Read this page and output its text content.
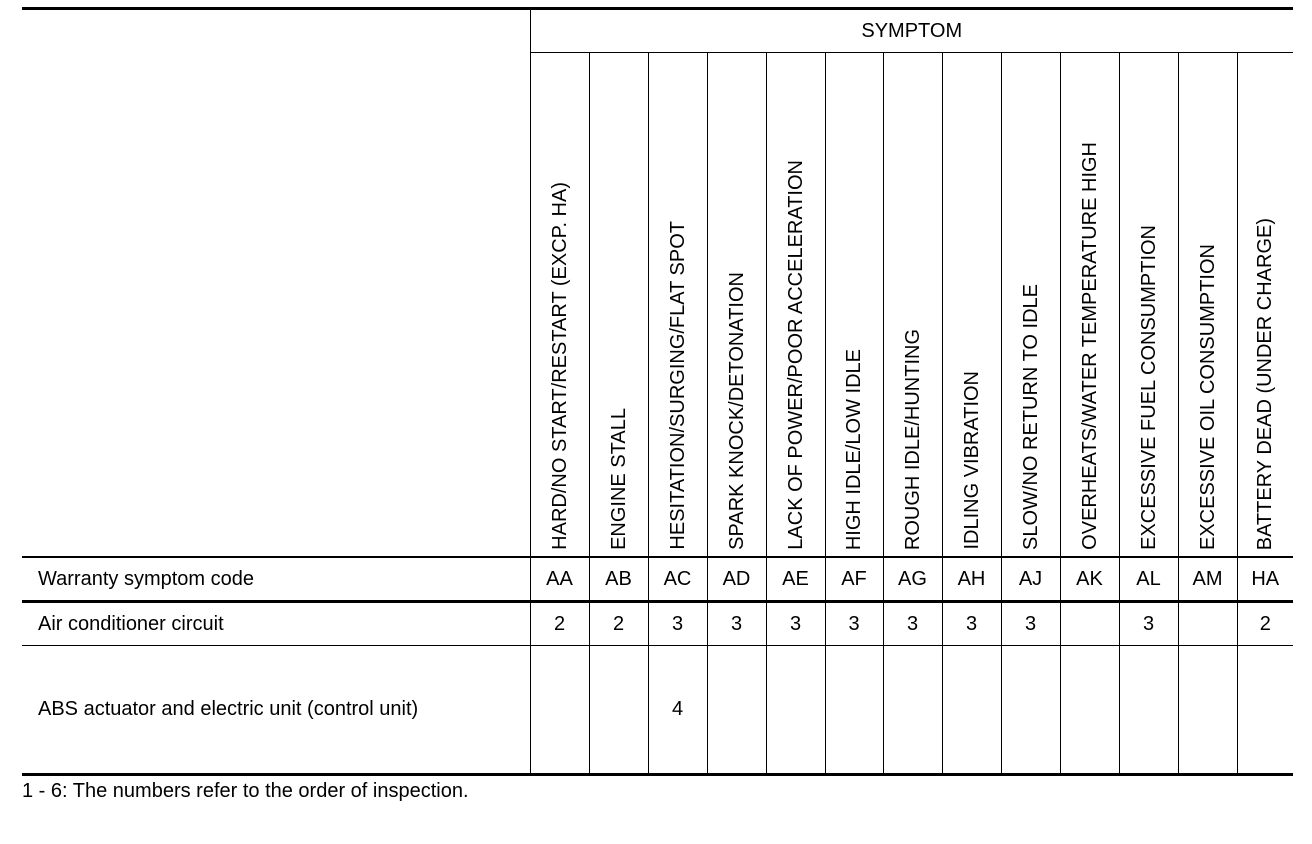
	SYMPTOM												
	HARD/NO START/RESTART (EXCP. HA)	ENGINE STALL	HESITATION/SURGING/FLAT SPOT	SPARK KNOCK/DETONATION	LACK OF POWER/POOR ACCELERATION	HIGH IDLE/LOW IDLE	ROUGH IDLE/HUNTING	IDLING VIBRATION	SLOW/NO RETURN TO IDLE	OVERHEATS/WATER TEMPERATURE HIGH	EXCESSIVE FUEL CONSUMPTION	EXCESSIVE OIL CONSUMPTION	BATTERY DEAD (UNDER CHARGE)
Warranty symptom code	AA	AB	AC	AD	AE	AF	AG	AH	AJ	AK	AL	AM	HA
Air conditioner circuit	2	2	3	3	3	3	3	3	3		3		2
ABS actuator and electric unit (control unit)			4										
1 - 6: The numbers refer to the order of inspection.
